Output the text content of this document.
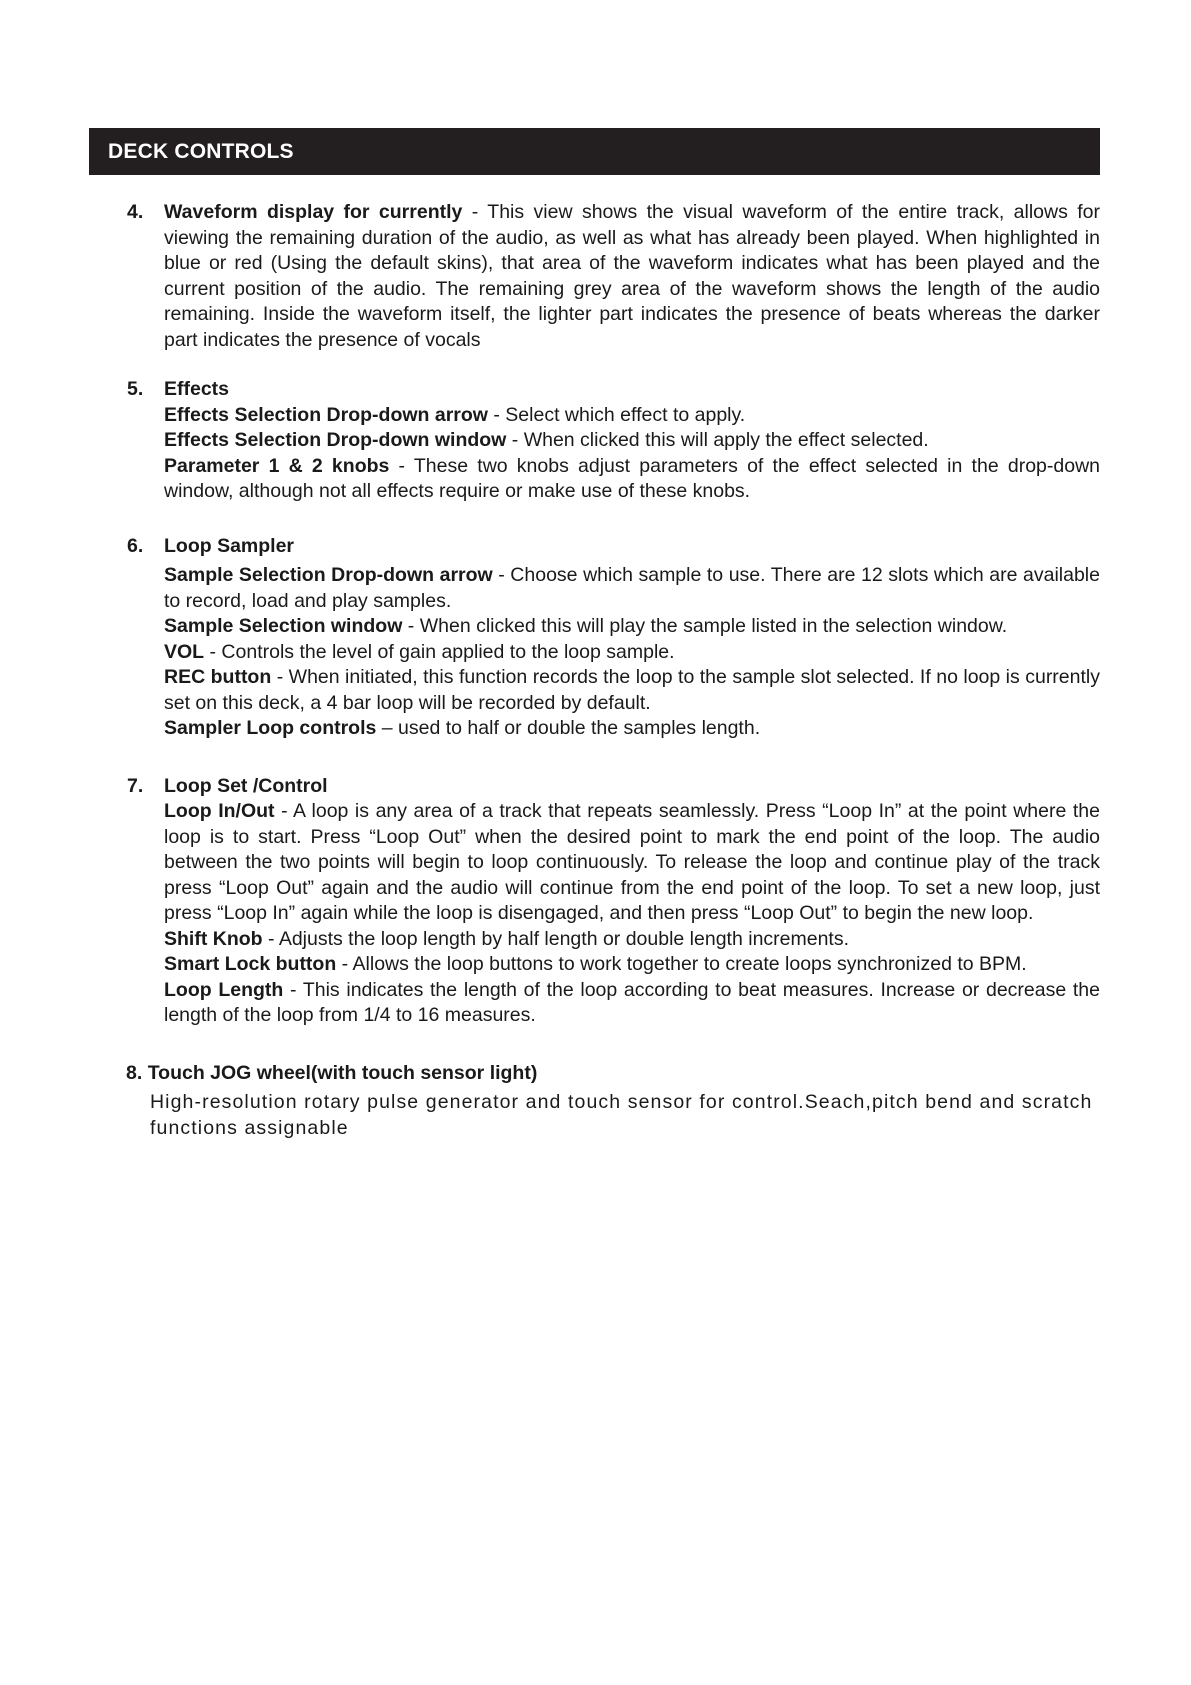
DECK CONTROLS
4. Waveform display for currently - This view shows the visual waveform of the entire track, allows for viewing the remaining duration of the audio, as well as what has already been played. When highlighted in blue or red (Using the default skins), that area of the waveform indicates what has been played and the current position of the audio. The remaining grey area of the waveform shows the length of the audio remaining. Inside the waveform itself, the lighter part indicates the presence of beats whereas the darker part indicates the presence of vocals
5. Effects
Effects Selection Drop-down arrow - Select which effect to apply.
Effects Selection Drop-down window - When clicked this will apply the effect selected.
Parameter 1 & 2 knobs - These two knobs adjust parameters of the effect selected in the drop-down window, although not all effects require or make use of these knobs.
6. Loop Sampler
Sample Selection Drop-down arrow - Choose which sample to use. There are 12 slots which are available to record, load and play samples.
Sample Selection window - When clicked this will play the sample listed in the selection window.
VOL - Controls the level of gain applied to the loop sample.
REC button - When initiated, this function records the loop to the sample slot selected. If no loop is currently set on this deck, a 4 bar loop will be recorded by default.
Sampler Loop controls – used to half or double the samples length.
7. Loop Set /Control
Loop In/Out - A loop is any area of a track that repeats seamlessly. Press “Loop In” at the point where the loop is to start. Press “Loop Out” when the desired point to mark the end point of the loop. The audio between the two points will begin to loop continuously. To release the loop and continue play of the track press “Loop Out” again and the audio will continue from the end point of the loop. To set a new loop, just press “Loop In” again while the loop is disengaged, and then press “Loop Out” to begin the new loop.
Shift Knob - Adjusts the loop length by half length or double length increments.
Smart Lock button - Allows the loop buttons to work together to create loops synchronized to BPM.
Loop Length - This indicates the length of the loop according to beat measures. Increase or decrease the length of the loop from 1/4 to 16 measures.
8. Touch JOG wheel(with touch sensor light)
High-resolution rotary pulse generator and touch sensor for control.Seach,pitch bend and scratch functions assignable
